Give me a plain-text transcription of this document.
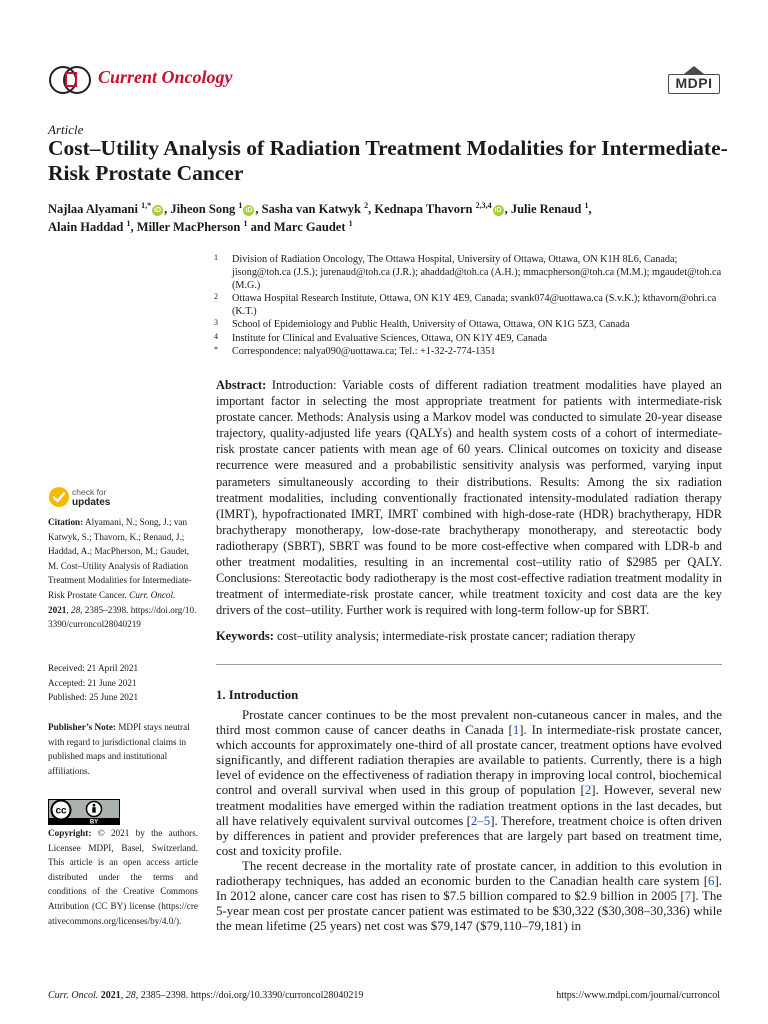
Current Oncology	MDPI
Article
Cost–Utility Analysis of Radiation Treatment Modalities for Intermediate-Risk Prostate Cancer
Najlaa Alyamani $^{1,*}$iD , Jiheon Song $^1$iD , Sasha van Katwyk $^2$, Kednapa Thavorn $^{2,3,4}$iD , Julie Renaud $^1$,
Alain Haddad $^1$, Miller MacPherson $^1$ and Marc Gaudet $^1$
1 Division of Radiation Oncology, The Ottawa Hospital, University of Ottawa, Ottawa, ON K1H 8L6, Canada; jisong@toh.ca (J.S.); jurenaud@toh.ca (J.R.); ahaddad@toh.ca (A.H.); mmacpherson@toh.ca (M.M.); mgaudet@toh.ca (M.G.)
2 Ottawa Hospital Research Institute, Ottawa, ON K1Y 4E9, Canada; svank074@uottawa.ca (S.v.K.); kthavorn@ohri.ca (K.T.)
3 School of Epidemiology and Public Health, University of Ottawa, Ottawa, ON K1G 5Z3, Canada
4 Institute for Clinical and Evaluative Sciences, Ottawa, ON K1Y 4E9, Canada
* Correspondence: nalya090@uottawa.ca; Tel.: +1-32-2-774-1351
Abstract: Introduction: Variable costs of different radiation treatment modalities have played an important factor in selecting the most appropriate treatment for patients with intermediate-risk prostate cancer. Methods: Analysis using a Markov model was conducted to simulate 20-year disease trajectory, quality-adjusted life years (QALYs) and health system costs of a cohort of intermediate-risk prostate cancer patients with mean age of 60 years. Clinical outcomes on toxicity and disease recurrence were measured and a probabilistic sensitivity analysis was performed, varying input parameters simultaneously according to their distributions. Results: Among the six radiation treatment modalities, including conventionally fractionated intensity-modulated radiation therapy (IMRT), hypofractionated IMRT, IMRT combined with high-dose-rate (HDR) brachytherapy, HDR brachytherapy monotherapy, low-dose-rate brachytherapy monotherapy, and stereotactic body radiotherapy (SBRT), SBRT was found to be more cost-effective when compared with LDR-b and other treatment modalities, resulting in an incremental cost–utility ratio of $2985 per QALY. Conclusions: Stereotactic body radiotherapy is the most cost-effective radiation treatment modality in treatment of intermediate-risk prostate cancer, while treatment toxicity and cost data are the key drivers of the cost–utility. Further work is required with long-term follow-up for SBRT.
Keywords: cost–utility analysis; intermediate-risk prostate cancer; radiation therapy
1. Introduction

Prostate cancer continues to be the most prevalent non-cutaneous cancer in males, and the third most common cause of cancer deaths in Canada [1]. In intermediate-risk prostate cancer, which accounts for approximately one-third of all prostate cancer, treatment options have evolved significantly, and different radiation therapies are available to patients. Currently, there is a high level of evidence on the effectiveness of radiation therapy in improving local control, biochemical control and overall survival when used in this group of population [2]. However, several new treatment modalities have emerged within the radiation treatment options in the last decades, but all have relatively equivalent survival outcomes [2–5]. Therefore, treatment choice is often driven by differences in patient and provider preferences that are largely part based on treatment time, cost and toxicity profile.

The recent decrease in the mortality rate of prostate cancer, in addition to this evolution in radiotherapy techniques, has added an economic burden to the Canadian health care system [6]. In 2012 alone, cancer care cost has risen to $7.5 billion compared to $2.9 billion in 2005 [7]. The 5-year mean cost per prostate cancer patient was estimated to be $30,322 ($30,308–30,336) while the mean lifetime (25 years) net cost was $79,147 ($79,110–79,181) in

check for
updates
Citation: Alyamani, N.; Song, J.; van Katwyk, S.; Thavorn, K.; Renaud, J.; Haddad, A.; MacPherson, M.; Gaudet, M. Cost–Utility Analysis of Radiation Treatment Modalities for Intermediate-Risk Prostate Cancer. Curr. Oncol. 2021, 28, 2385–2398. https://doi.org/10.3390/curroncol28040219
Received: 21 April 2021
Accepted: 21 June 2021
Published: 25 June 2021
Publisher’s Note: MDPI stays neutral with regard to jurisdictional claims in published maps and institutional affiliations.
cc
BY
Copyright: © 2021 by the authors. Licensee MDPI, Basel, Switzerland. This article is an open access article distributed under the terms and conditions of the Creative Commons Attribution (CC BY) license (https://creativecommons.org/licenses/by/4.0/).
Curr. Oncol. 2021, 28, 2385–2398. https://doi.org/10.3390/curroncol28040219	https://www.mdpi.com/journal/curroncol
